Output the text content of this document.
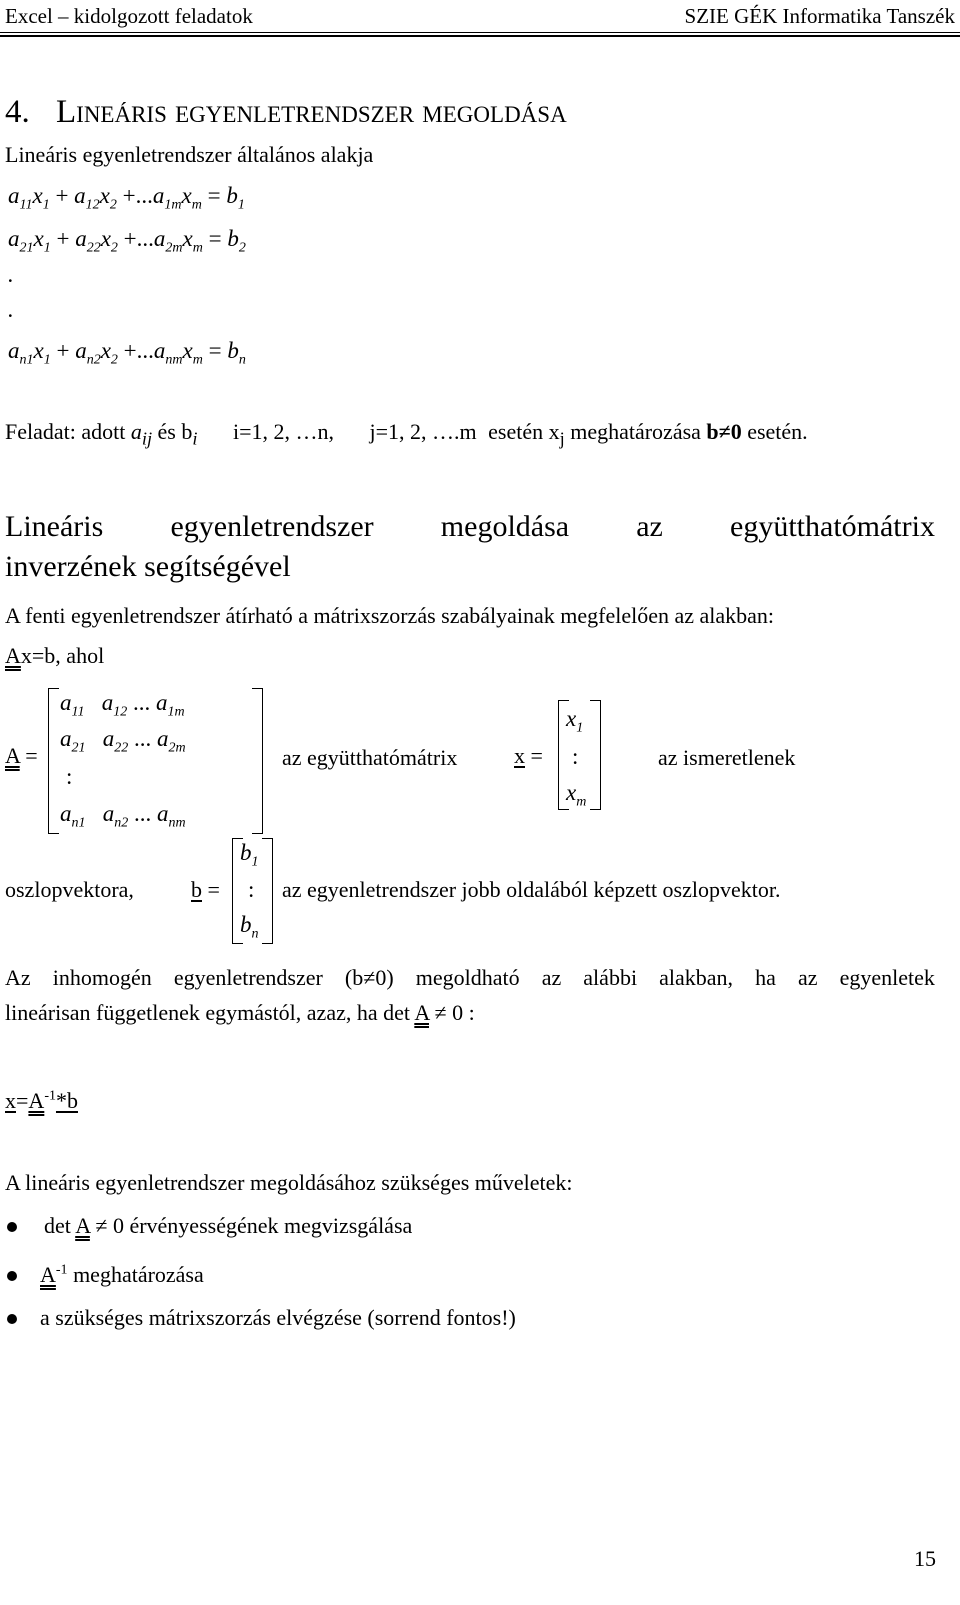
Excel – kidolgozott feladatok	SZIE GÉK Informatika Tanszék
4. Lineáris egyenletrendszer megoldása
Lineáris egyenletrendszer általános alakja
$a_{11}x_1 + a_{12}x_2 +...a_{1m}x_m = b_1$
$a_{21}x_1 + a_{22}x_2 +...a_{2m}x_m = b_2$
.
.
$a_{n1}x_1 + a_{n2}x_2 +...a_{nm}x_m = b_n$
Feladat: adott $a_{ij}$ és $b_i$ i=1, 2, …n, j=1, 2, ….m esetén $x_j$ meghatározása b≠0 esetén.
Lineáris egyenletrendszer megoldása az együtthatómátrix
inverzének segítségével
A fenti egyenletrendszer átírható a mátrixszorzás szabályainak megfelelően az alakban:
Ax=b, ahol
A =
$a_{11}$   $a_{12}$ ... $a_{1m}$
$a_{21}$   $a_{22}$ ... $a_{2m}$
:
$a_{n1}$   $a_{n2}$ ... $a_{nm}$
az együtthatómátrix	x =
$x_1$
:
$x_m$
az ismeretlenek
oszlopvektora,	b =
$b_1$
:
$b_n$
az egyenletrendszer jobb oldalából képzett oszlopvektor.
Az inhomogén egyenletrendszer (b≠0) megoldható az alábbi alakban, ha az egyenletek
lineárisan függetlenek egymástól, azaz, ha det A ≠ 0 :
$x=A^{-1}*b$
A lineáris egyenletrendszer megoldásához szükséges műveletek:
det A ≠ 0 érvényességének megvizsgálása
$A^{-1}$ meghatározása
a szükséges mátrixszorzás elvégzése (sorrend fontos!)
15
